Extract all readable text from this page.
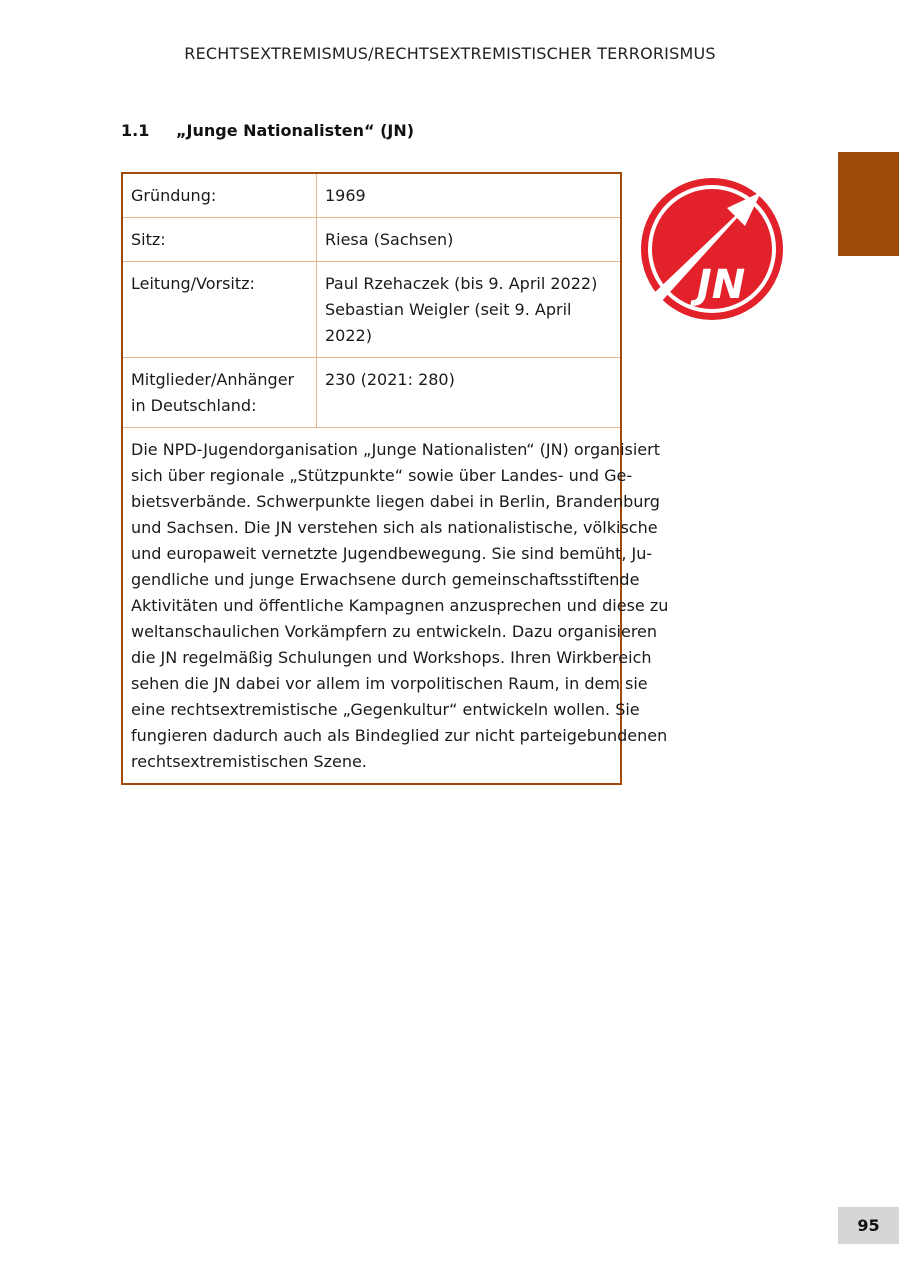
RECHTSEXTREMISMUS/RECHTSEXTREMISTISCHER TERRORISMUS
1.1 „Junge Nationalisten“ (JN)
Gründung:	1969
Sitz:	Riesa (Sachsen)
Leitung/Vorsitz:	Paul Rzehaczek (bis 9. April 2022)
Sebastian Weigler (seit 9. April 2022)
Mitglieder/Anhänger
in Deutschland:	230 (2021: 280)
Die NPD-Jugendorganisation „Junge Nationalisten“ (JN) organisiert
sich über regionale „Stützpunkte“ sowie über Landes- und Ge-
bietsverbände. Schwerpunkte liegen dabei in Berlin, Brandenburg
und Sachsen. Die JN verstehen sich als nationalistische, völkische
und europaweit vernetzte Jugendbewegung. Sie sind bemüht, Ju-
gendliche und junge Erwachsene durch gemeinschaftsstiftende
Aktivitäten und öffentliche Kampagnen anzusprechen und diese zu
weltanschaulichen Vorkämpfern zu entwickeln. Dazu organisieren
die JN regelmäßig Schulungen und Workshops. Ihren Wirkbereich
sehen die JN dabei vor allem im vorpolitischen Raum, in dem sie
eine rechtsextremistische „Gegenkultur“ entwickeln wollen. Sie
fungieren dadurch auch als Bindeglied zur nicht parteigebundenen
rechtsextremistischen Szene.
JN
95
